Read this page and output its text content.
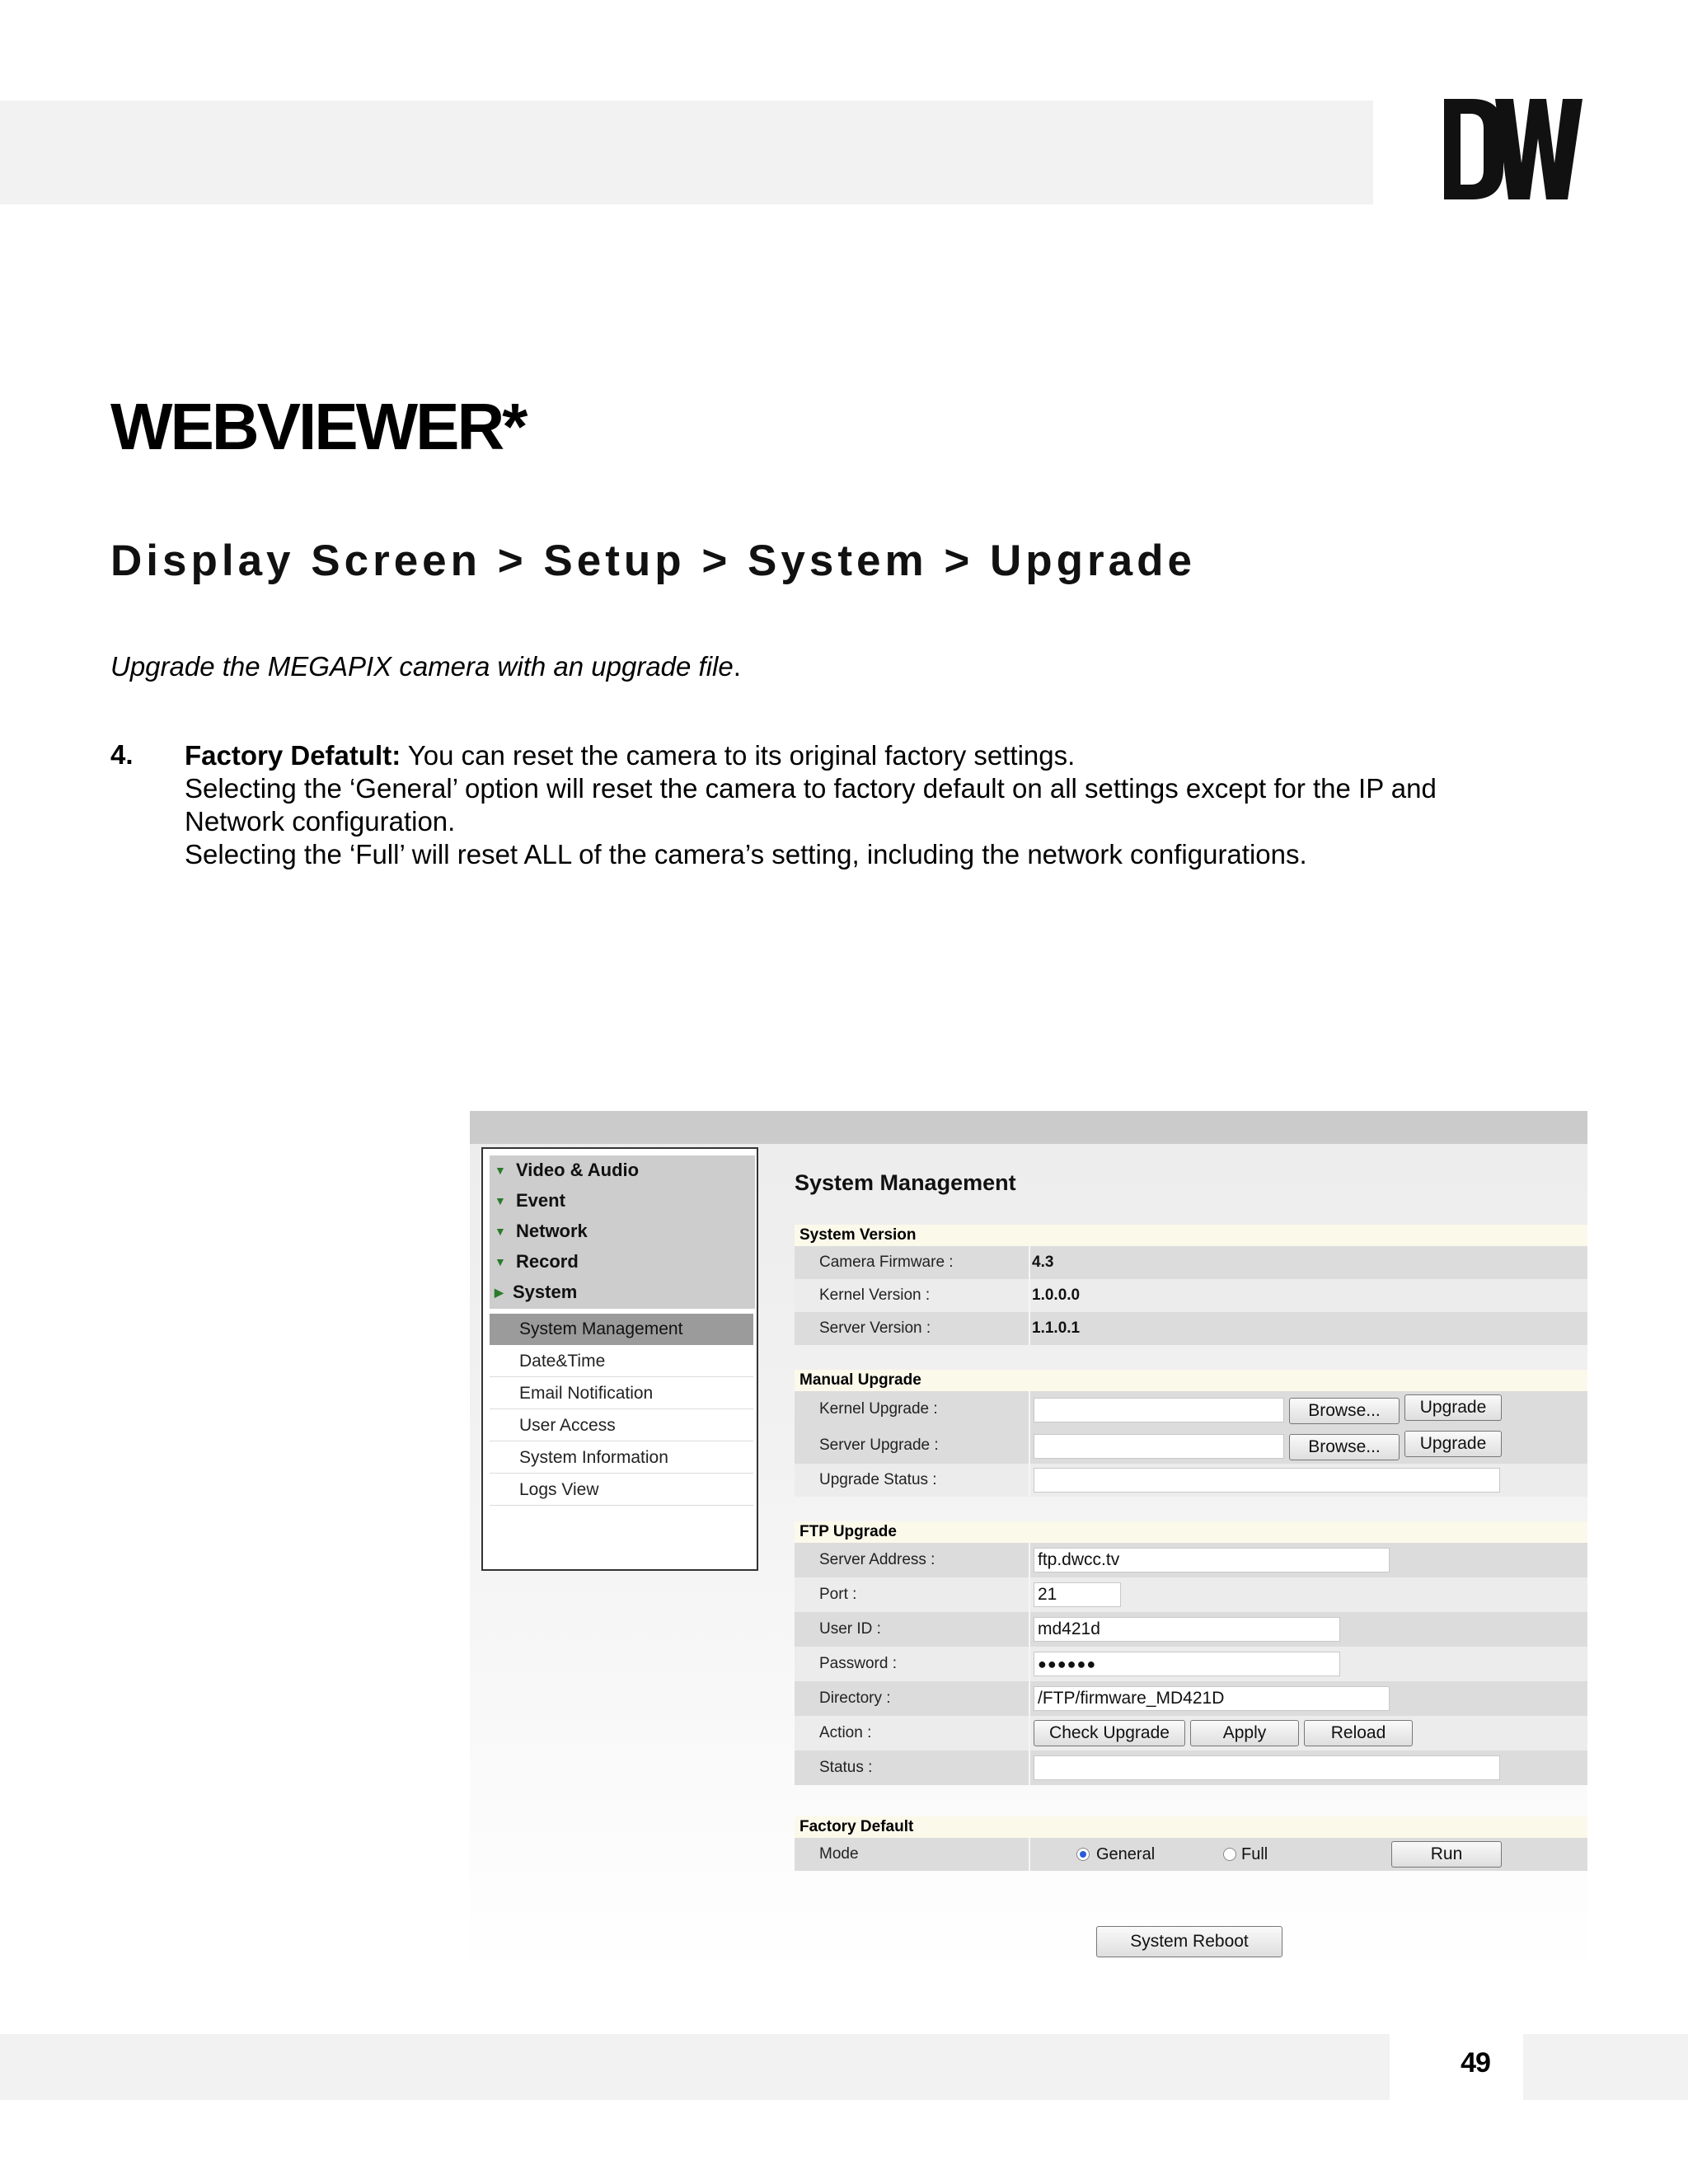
WEBVIEWER*
Display Screen > Setup > System > Upgrade
Upgrade the MEGAPIX camera with an upgrade file.
4. Factory Defatult: You can reset the camera to its original factory settings.
Selecting the ‘General’ option will reset the camera to factory default on all settings except for the IP and Network configuration.
Selecting the ‘Full’ will reset ALL of the camera’s setting, including the network configurations.
▼ Video & Audio
▼ Event
▼ Network
▼ Record
▶ System
System Management
Date&Time
Email Notification
User Access
System Information
Logs View
System Management
System Version
Camera Firmware :	4.3
Kernel Version :	1.0.0.0
Server Version :	1.1.0.1
Manual Upgrade
Kernel Upgrade :	Browse...	Upgrade
Server Upgrade :	Browse...	Upgrade
Upgrade Status :
FTP Upgrade
Server Address :	ftp.dwcc.tv
Port :	21
User ID :	md421d
Password :	●●●●●●
Directory :	/FTP/firmware_MD421D
Action :	Check Upgrade	Apply	Reload
Status :
Factory Default
Mode	General	Full	Run
System Reboot
49
